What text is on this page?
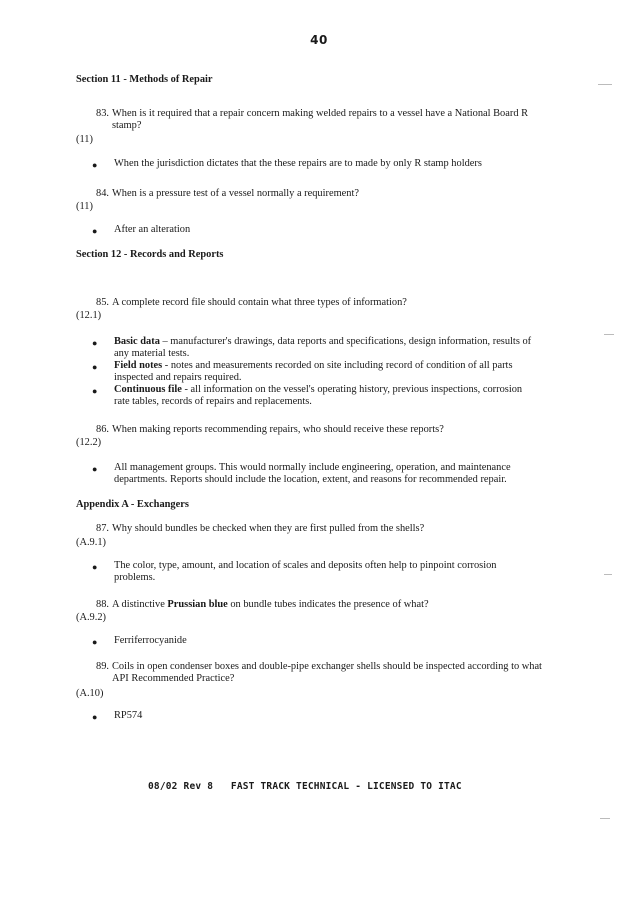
40
Section 11 - Methods of Repair
83. When is it required that a repair concern making welded repairs to a vessel have a National Board R stamp?
(11)
● When the jurisdiction dictates that the these repairs are to made by only R stamp holders
84. When is a pressure test of a vessel normally a requirement?
(11)
● After an alteration
Section 12 - Records and Reports
85. A complete record file should contain what three types of information?
(12.1)
● Basic data – manufacturer's drawings, data reports and specifications, design information, results of any material tests.
● Field notes - notes and measurements recorded on site including record of condition of all parts inspected and repairs required.
● Continuous file - all information on the vessel's operating history, previous inspections, corrosion rate tables, records of repairs and replacements.
86. When making reports recommending repairs, who should receive these reports?
(12.2)
● All management groups. This would normally include engineering, operation, and maintenance departments. Reports should include the location, extent, and reasons for recommended repair.
Appendix A - Exchangers
87. Why should bundles be checked when they are first pulled from the shells?
(A.9.1)
● The color, type, amount, and location of scales and deposits often help to pinpoint corrosion problems.
88. A distinctive Prussian blue on bundle tubes indicates the presence of what?
(A.9.2)
● Ferriferrocyanide
89. Coils in open condenser boxes and double-pipe exchanger shells should be inspected according to what API Recommended Practice?
(A.10)
● RP574
08/02 Rev 8 FAST TRACK TECHNICAL - LICENSED TO ITAC
